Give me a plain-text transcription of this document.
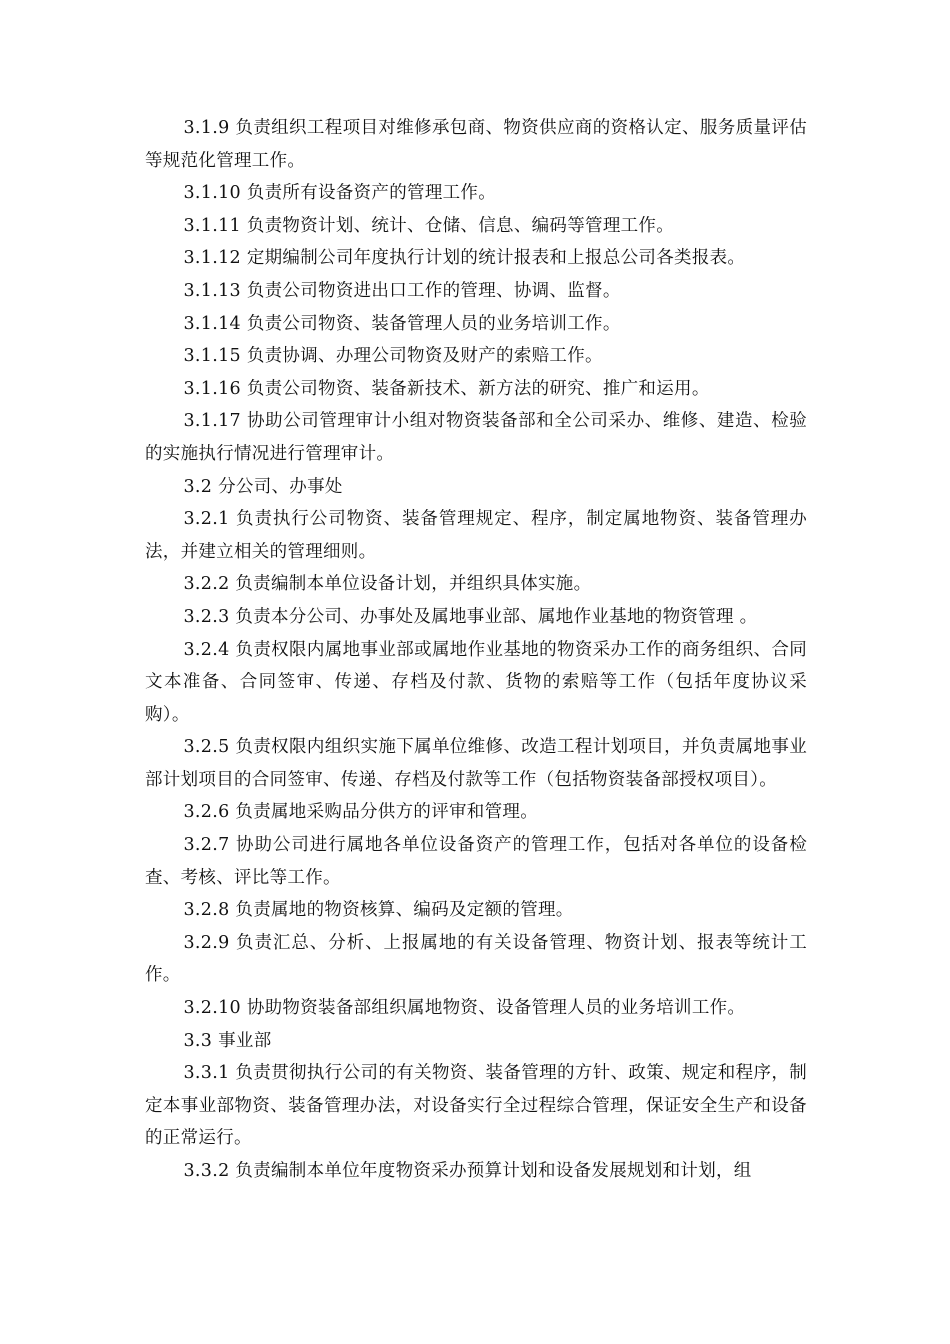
3.1.9 负责组织工程项目对维修承包商、物资供应商的资格认定、服务质量评估等规范化管理工作。

3.1.10 负责所有设备资产的管理工作。

3.1.11 负责物资计划、统计、仓储、信息、编码等管理工作。

3.1.12 定期编制公司年度执行计划的统计报表和上报总公司各类报表。

3.1.13 负责公司物资进出口工作的管理、协调、监督。

3.1.14 负责公司物资、装备管理人员的业务培训工作。

3.1.15 负责协调、办理公司物资及财产的索赔工作。

3.1.16 负责公司物资、装备新技术、新方法的研究、推广和运用。

3.1.17 协助公司管理审计小组对物资装备部和全公司采办、维修、建造、检验的实施执行情况进行管理审计。

3.2 分公司、办事处

3.2.1 负责执行公司物资、装备管理规定、程序，制定属地物资、装备管理办法，并建立相关的管理细则。

3.2.2 负责编制本单位设备计划，并组织具体实施。

3.2.3 负责本分公司、办事处及属地事业部、属地作业基地的物资管理 。

3.2.4 负责权限内属地事业部或属地作业基地的物资采办工作的商务组织、合同文本准备、合同签审、传递、存档及付款、货物的索赔等工作（包括年度协议采购）。

3.2.5 负责权限内组织实施下属单位维修、改造工程计划项目，并负责属地事业部计划项目的合同签审、传递、存档及付款等工作（包括物资装备部授权项目）。

3.2.6 负责属地采购品分供方的评审和管理。

3.2.7 协助公司进行属地各单位设备资产的管理工作，包括对各单位的设备检查、考核、评比等工作。

3.2.8 负责属地的物资核算、编码及定额的管理。

3.2.9 负责汇总、分析、上报属地的有关设备管理、物资计划、报表等统计工作。

3.2.10 协助物资装备部组织属地物资、设备管理人员的业务培训工作。

3.3 事业部

3.3.1 负责贯彻执行公司的有关物资、装备管理的方针、政策、规定和程序，制定本事业部物资、装备管理办法，对设备实行全过程综合管理，保证安全生产和设备的正常运行。

3.3.2 负责编制本单位年度物资采办预算计划和设备发展规划和计划，组
